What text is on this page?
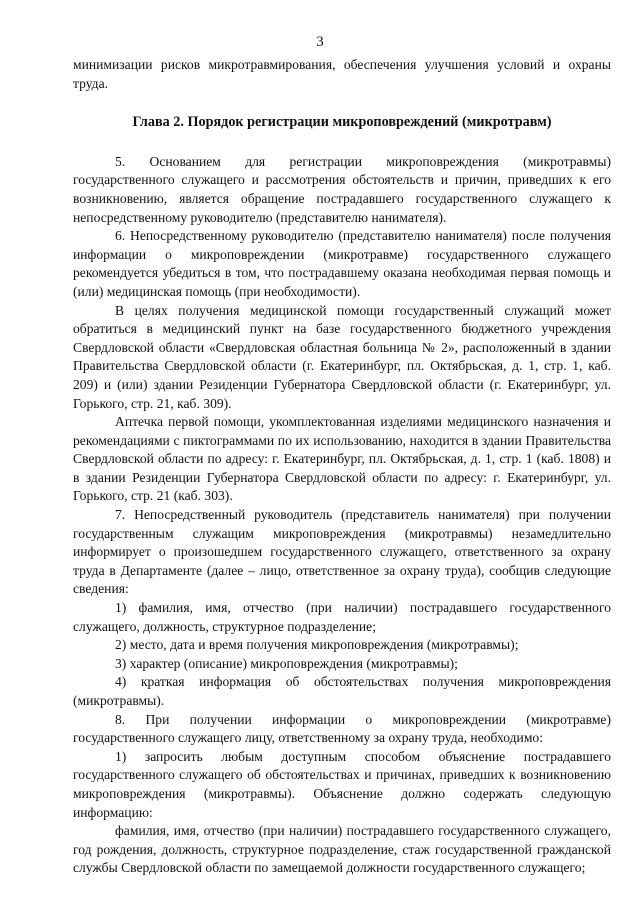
3

минимизации рисков микротравмирования, обеспечения улучшения условий и охраны труда.

Глава 2. Порядок регистрации микроповреждений (микротравм)

5. Основанием для регистрации микроповреждения (микротравмы) государственного служащего и рассмотрения обстоятельств и причин, приведших к его возникновению, является обращение пострадавшего государственного служащего к непосредственному руководителю (представителю нанимателя).

6. Непосредственному руководителю (представителю нанимателя) после получения информации о микроповреждении (микротравме) государственного служащего рекомендуется убедиться в том, что пострадавшему оказана необходимая первая помощь и (или) медицинская помощь (при необходимости).

В целях получения медицинской помощи государственный служащий может обратиться в медицинский пункт на базе государственного бюджетного учреждения Свердловской области «Свердловская областная больница № 2», расположенный в здании Правительства Свердловской области (г. Екатеринбург, пл. Октябрьская, д. 1, стр. 1, каб. 209) и (или) здании Резиденции Губернатора Свердловской области (г. Екатеринбург, ул. Горького, стр. 21, каб. 309).

Аптечка первой помощи, укомплектованная изделиями медицинского назначения и рекомендациями с пиктограммами по их использованию, находится в здании Правительства Свердловской области по адресу: г. Екатеринбург, пл. Октябрьская, д. 1, стр. 1 (каб. 1808) и в здании Резиденции Губернатора Свердловской области по адресу: г. Екатеринбург, ул. Горького, стр. 21 (каб. 303).

7. Непосредственный руководитель (представитель нанимателя) при получении государственным служащим микроповреждения (микротравмы) незамедлительно информирует о произошедшем государственного служащего, ответственного за охрану труда в Департаменте (далее – лицо, ответственное за охрану труда), сообщив следующие сведения:

1) фамилия, имя, отчество (при наличии) пострадавшего государственного служащего, должность, структурное подразделение;

2) место, дата и время получения микроповреждения (микротравмы);

3) характер (описание) микроповреждения (микротравмы);

4) краткая информация об обстоятельствах получения микроповреждения (микротравмы).

8. При получении информации о микроповреждении (микротравме) государственного служащего лицу, ответственному за охрану труда, необходимо:

1) запросить любым доступным способом объяснение пострадавшего государственного служащего об обстоятельствах и причинах, приведших к возникновению микроповреждения (микротравмы). Объяснение должно содержать следующую информацию:

фамилия, имя, отчество (при наличии) пострадавшего государственного служащего, год рождения, должность, структурное подразделение, стаж государственной гражданской службы Свердловской области по замещаемой должности государственного служащего;
